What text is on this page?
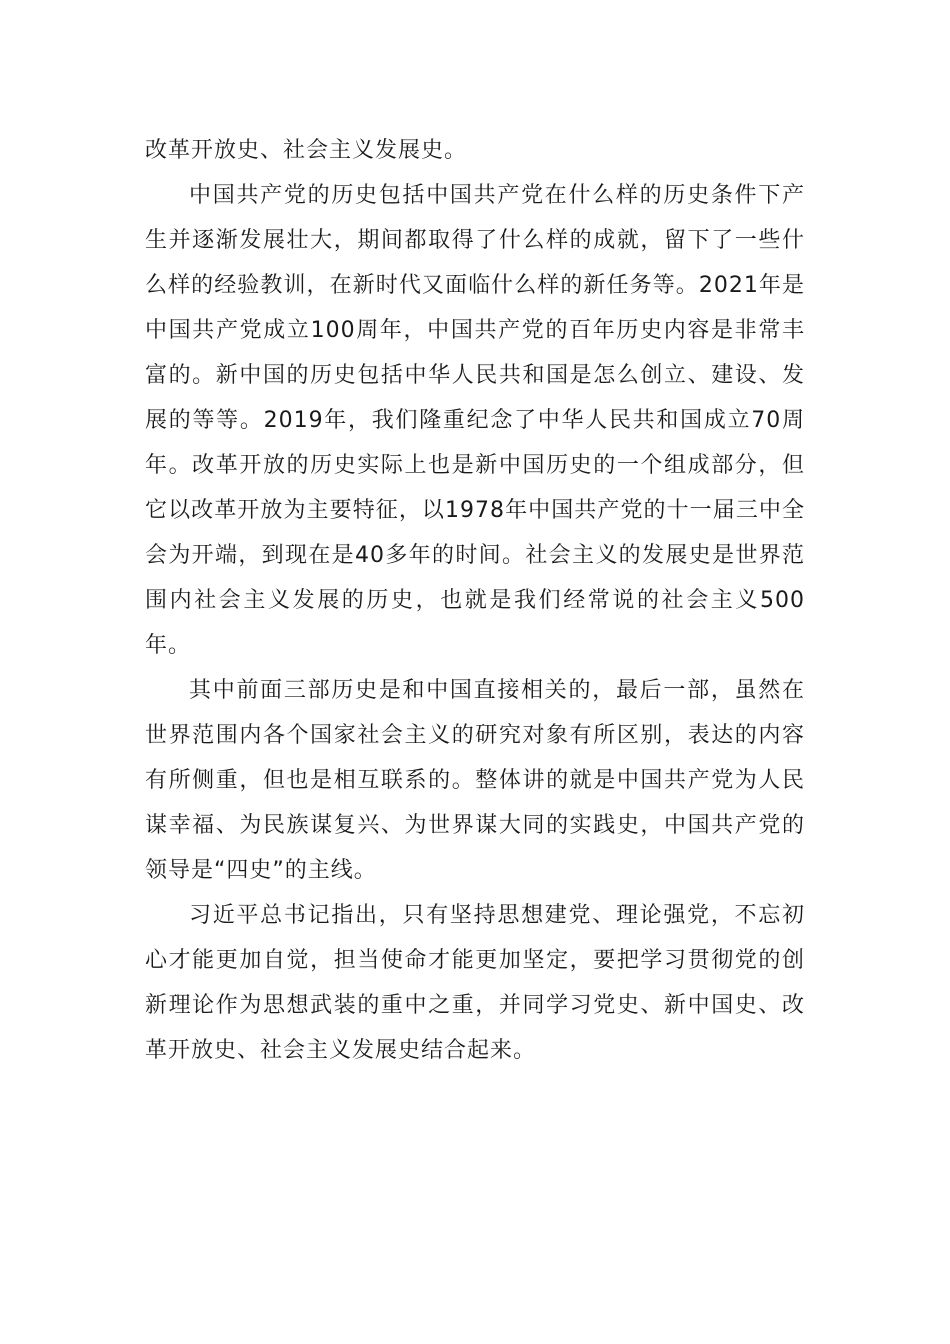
改革开放史、社会主义发展史。

中国共产党的历史包括中国共产党在什么样的历史条件下产生并逐渐发展壮大，期间都取得了什么样的成就，留下了一些什么样的经验教训，在新时代又面临什么样的新任务等。2021年是中国共产党成立100周年，中国共产党的百年历史内容是非常丰富的。新中国的历史包括中华人民共和国是怎么创立、建设、发展的等等。2019年，我们隆重纪念了中华人民共和国成立70周年。改革开放的历史实际上也是新中国历史的一个组成部分，但它以改革开放为主要特征，以1978年中国共产党的十一届三中全会为开端，到现在是40多年的时间。社会主义的发展史是世界范围内社会主义发展的历史，也就是我们经常说的社会主义500年。

其中前面三部历史是和中国直接相关的，最后一部，虽然在世界范围内各个国家社会主义的研究对象有所区别，表达的内容有所侧重，但也是相互联系的。整体讲的就是中国共产党为人民谋幸福、为民族谋复兴、为世界谋大同的实践史，中国共产党的领导是“四史”的主线。

习近平总书记指出，只有坚持思想建党、理论强党，不忘初心才能更加自觉，担当使命才能更加坚定，要把学习贯彻党的创新理论作为思想武装的重中之重，并同学习党史、新中国史、改革开放史、社会主义发展史结合起来。
